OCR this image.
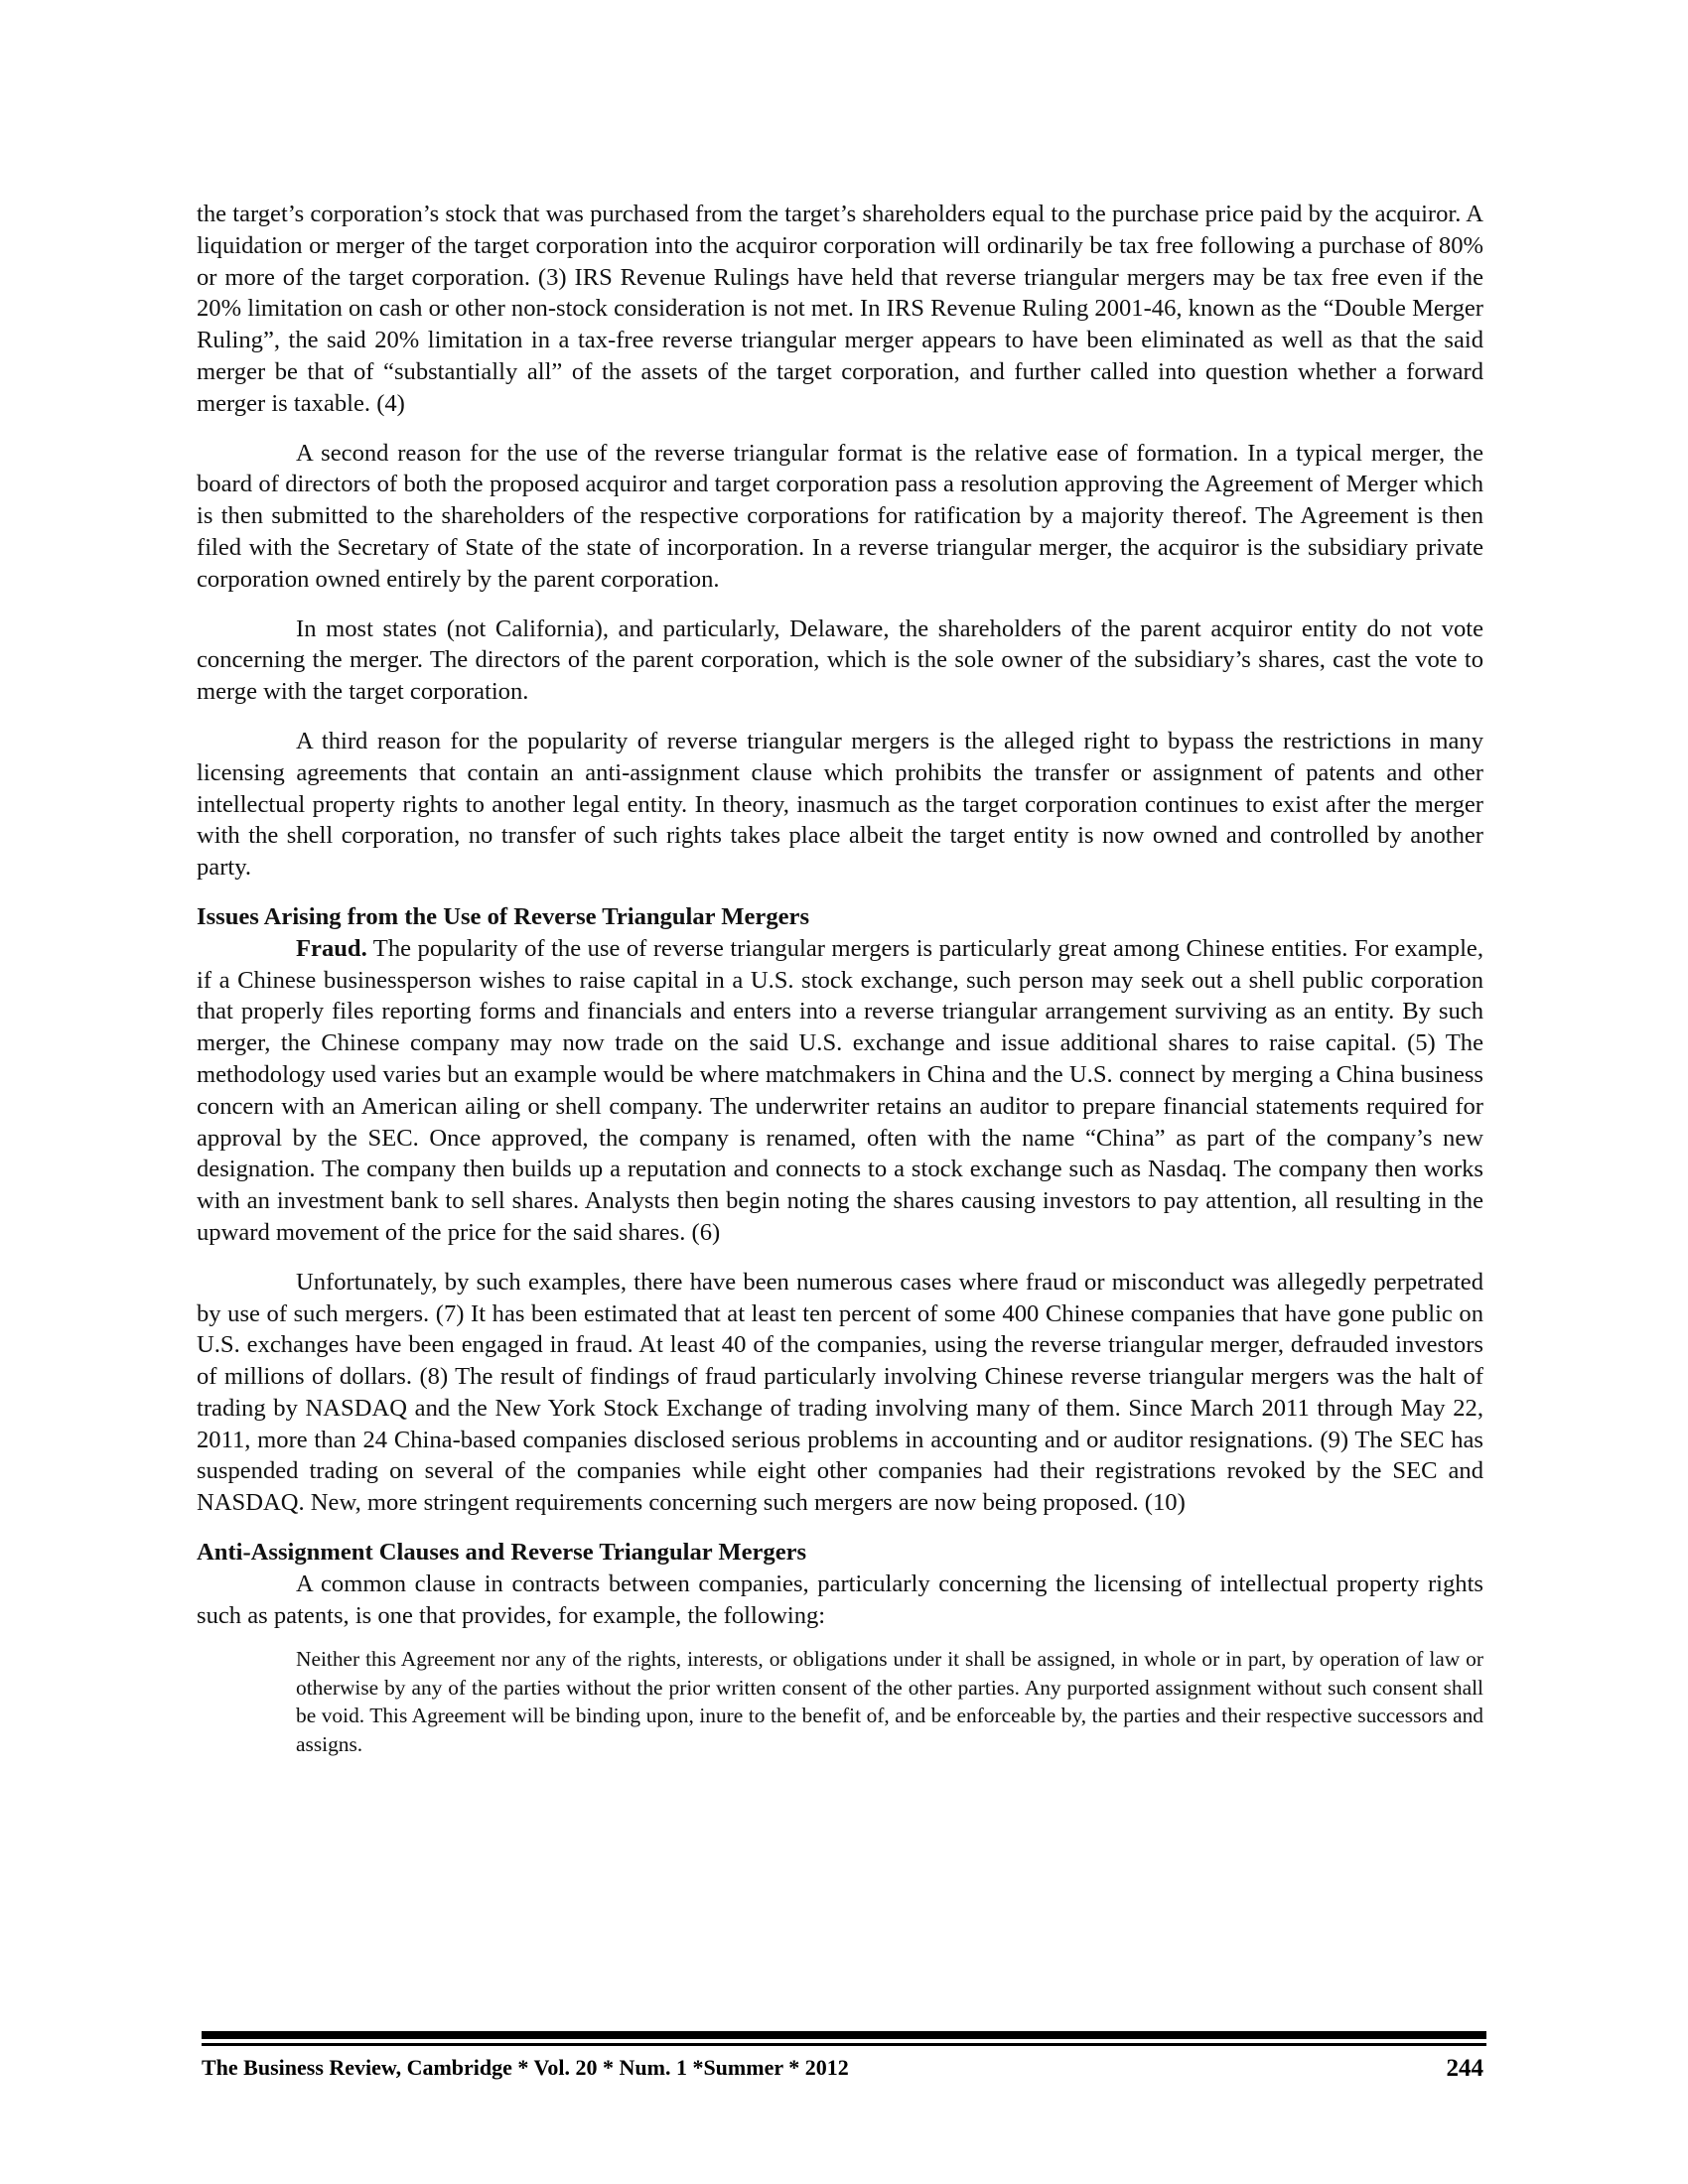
the target’s corporation’s stock that was purchased from the target’s shareholders equal to the purchase price paid by the acquiror. A liquidation or merger of the target corporation into the acquiror corporation will ordinarily be tax free following a purchase of 80% or more of the target corporation. (3) IRS Revenue Rulings have held that reverse triangular mergers may be tax free even if the 20% limitation on cash or other non-stock consideration is not met. In IRS Revenue Ruling 2001-46, known as the “Double Merger Ruling”, the said 20% limitation in a tax-free reverse triangular merger appears to have been eliminated as well as that the said merger be that of “substantially all” of the assets of the target corporation, and further called into question whether a forward merger is taxable. (4)

A second reason for the use of the reverse triangular format is the relative ease of formation. In a typical merger, the board of directors of both the proposed acquiror and target corporation pass a resolution approving the Agreement of Merger which is then submitted to the shareholders of the respective corporations for ratification by a majority thereof. The Agreement is then filed with the Secretary of State of the state of incorporation. In a reverse triangular merger, the acquiror is the subsidiary private corporation owned entirely by the parent corporation.

In most states (not California), and particularly, Delaware, the shareholders of the parent acquiror entity do not vote concerning the merger. The directors of the parent corporation, which is the sole owner of the subsidiary’s shares, cast the vote to merge with the target corporation.

A third reason for the popularity of reverse triangular mergers is the alleged right to bypass the restrictions in many licensing agreements that contain an anti-assignment clause which prohibits the transfer or assignment of patents and other intellectual property rights to another legal entity. In theory, inasmuch as the target corporation continues to exist after the merger with the shell corporation, no transfer of such rights takes place albeit the target entity is now owned and controlled by another party.

Issues Arising from the Use of Reverse Triangular Mergers

Fraud. The popularity of the use of reverse triangular mergers is particularly great among Chinese entities. For example, if a Chinese businessperson wishes to raise capital in a U.S. stock exchange, such person may seek out a shell public corporation that properly files reporting forms and financials and enters into a reverse triangular arrangement surviving as an entity. By such merger, the Chinese company may now trade on the said U.S. exchange and issue additional shares to raise capital. (5) The methodology used varies but an example would be where matchmakers in China and the U.S. connect by merging a China business concern with an American ailing or shell company. The underwriter retains an auditor to prepare financial statements required for approval by the SEC. Once approved, the company is renamed, often with the name “China” as part of the company’s new designation. The company then builds up a reputation and connects to a stock exchange such as Nasdaq. The company then works with an investment bank to sell shares. Analysts then begin noting the shares causing investors to pay attention, all resulting in the upward movement of the price for the said shares. (6)

Unfortunately, by such examples, there have been numerous cases where fraud or misconduct was allegedly perpetrated by use of such mergers. (7) It has been estimated that at least ten percent of some 400 Chinese companies that have gone public on U.S. exchanges have been engaged in fraud. At least 40 of the companies, using the reverse triangular merger, defrauded investors of millions of dollars. (8) The result of findings of fraud particularly involving Chinese reverse triangular mergers was the halt of trading by NASDAQ and the New York Stock Exchange of trading involving many of them. Since March 2011 through May 22, 2011, more than 24 China-based companies disclosed serious problems in accounting and or auditor resignations. (9) The SEC has suspended trading on several of the companies while eight other companies had their registrations revoked by the SEC and NASDAQ. New, more stringent requirements concerning such mergers are now being proposed. (10)

Anti-Assignment Clauses and Reverse Triangular Mergers

A common clause in contracts between companies, particularly concerning the licensing of intellectual property rights such as patents, is one that provides, for example, the following:

Neither this Agreement nor any of the rights, interests, or obligations under it shall be assigned, in whole or in part, by operation of law or otherwise by any of the parties without the prior written consent of the other parties. Any purported assignment without such consent shall be void. This Agreement will be binding upon, inure to the benefit of, and be enforceable by, the parties and their respective successors and assigns.
The Business Review, Cambridge * Vol. 20 * Num. 1 *Summer * 2012	244
